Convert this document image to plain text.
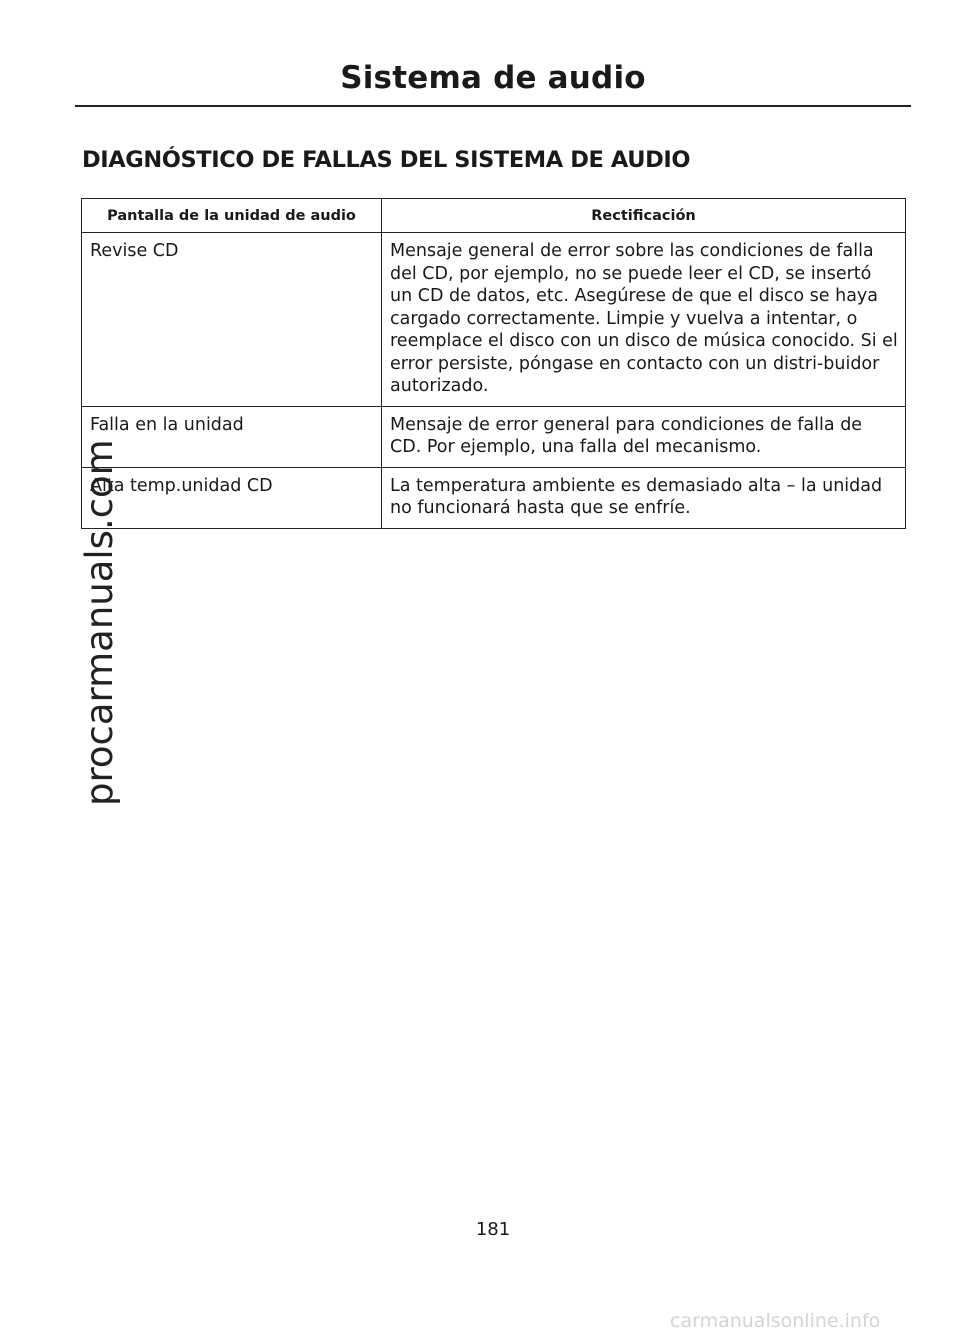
Sistema de audio
DIAGNÓSTICO DE FALLAS DEL SISTEMA DE AUDIO
Pantalla de la unidad de audio	Rectificación
Revise CD	Mensaje general de error sobre las condiciones de falla del CD, por ejemplo, no se puede leer el CD, se insertó un CD de datos, etc. Asegúrese de que el disco se haya cargado correctamente. Limpie y vuelva a intentar, o reemplace el disco con un disco de música conocido. Si el error persiste, póngase en contacto con un distri-buidor autorizado.
Falla en la unidad	Mensaje de error general para condiciones de falla de CD. Por ejemplo, una falla del mecanismo.
Alta temp.unidad CD	La temperatura ambiente es demasiado alta – la unidad no funcionará hasta que se enfríe.
procarmanuals.com
181
carmanualsonline.info
